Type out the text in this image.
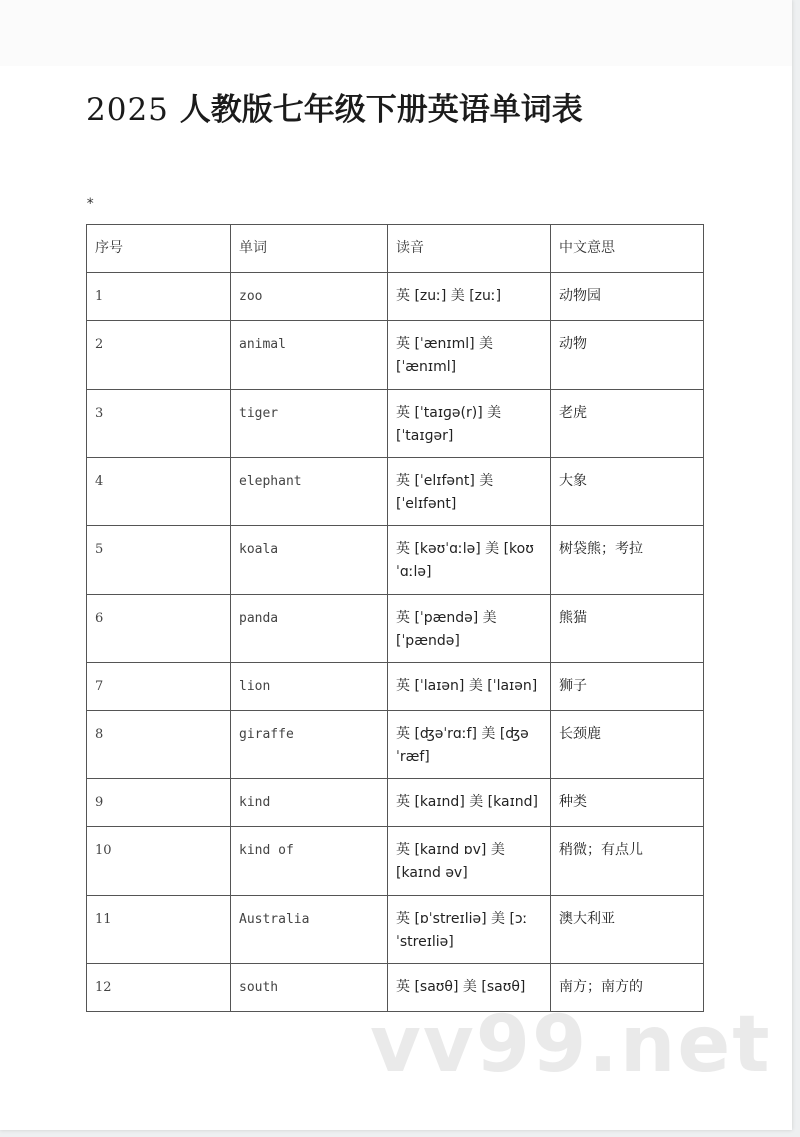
2025 人教版七年级下册英语单词表
*
序号	单词	读音	中文意思
1	zoo	英 [zuː] 美 [zuː]	动物园
2	animal	英 [ˈænɪml] 美 [ˈænɪml]	动物
3	tiger	英 [ˈtaɪɡə(r)] 美 [ˈtaɪɡər]	老虎
4	elephant	英 [ˈelɪfənt] 美 [ˈelɪfənt]	大象
5	koala	英 [kəʊˈɑːlə] 美 [koʊˈɑːlə]	树袋熊；考拉
6	panda	英 [ˈpændə] 美 [ˈpændə]	熊猫
7	lion	英 [ˈlaɪən] 美 [ˈlaɪən]	狮子
8	giraffe	英 [ʤəˈrɑːf] 美 [ʤəˈræf]	长颈鹿
9	kind	英 [kaɪnd] 美 [kaɪnd]	种类
10	kind of	英 [kaɪnd ɒv] 美 [kaɪnd əv]	稍微；有点儿
11	Australia	英 [ɒˈstreɪliə] 美 [ɔːˈstreɪliə]	澳大利亚
12	south	英 [saʊθ] 美 [saʊθ]	南方；南方的
vv99.net
